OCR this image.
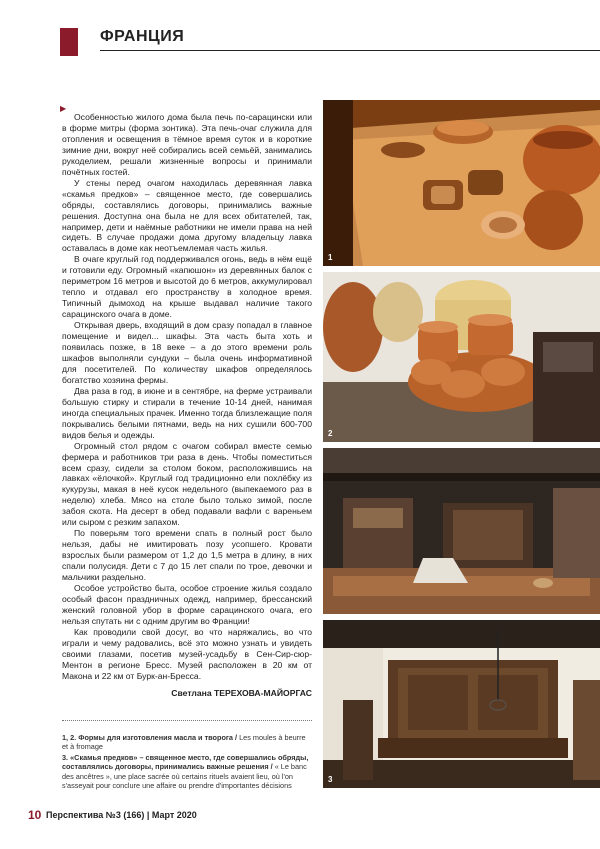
ФРАНЦИЯ
▶

Особенностью жилого дома была печь по-сарацински или в форме митры (форма зонтика). Эта печь-очаг служила для отопления и освещения в тёмное время суток и в короткие зимние дни, вокруг неё собирались всей семьёй, занимались рукоделием, решали жизненные вопросы и принимали почётных гостей.

У стены перед очагом находилась деревянная лавка «скамья предков» – священное место, где совершались обряды, составлялись договоры, принимались важные решения. Доступна она была не для всех обитателей, так, например, дети и наёмные работники не имели права на ней сидеть. В случае продажи дома другому владельцу лавка оставалась в доме как неотъемлемая часть жилья.

В очаге круглый год поддерживался огонь, ведь в нём ещё и готовили еду. Огромный «капюшон» из деревянных балок с периметром 16 метров и высотой до 6 метров, аккумулировал тепло и отдавал его пространству в холодное время. Типичный дымоход на крыше выдавал наличие такого сарацинского очага в доме.

Открывая дверь, входящий в дом сразу попадал в главное помещение и видел... шкафы. Эта часть быта хоть и появилась позже, в 18 веке – а до этого времени роль шкафов выполняли сундуки – была очень информативной для посетителей. По количеству шкафов определялось богатство хозяина фермы.

Два раза в год, в июне и в сентябре, на ферме устраивали большую стирку и стирали в течение 10-14 дней, нанимая иногда специальных прачек. Именно тогда близлежащие поля покрывались белыми пятнами, ведь на них сушили 600-700 видов белья и одежды.

Огромный стол рядом с очагом собирал вместе семью фермера и работников три раза в день. Чтобы поместиться всем сразу, сидели за столом боком, расположившись на лавках «ёлочкой». Круглый год традиционно ели похлёбку из кукурузы, макая в неё кусок недельного (выпекаемого раз в неделю) хлеба. Мясо на столе было только зимой, после забоя скота. На десерт в обед подавали вафли с вареньем или сыром с резким запахом.

По поверьям того времени спать в полный рост было нельзя, дабы не имитировать позу усопшего. Кровати взрослых были размером от 1,2 до 1,5 метра в длину, в них спали полусидя. Дети с 7 до 15 лет спали по трое, девочки и мальчики раздельно.

Особое устройство быта, особое строение жилья создало особый фасон праздничных одежд, например, брессанский женский головной убор в форме сарацинского очага, его нельзя спутать ни с одним другим во Франции!

Как проводили свой досуг, во что наряжались, во что играли и чему радовались, всё это можно узнать и увидеть своими глазами, посетив музей-усадьбу в Сен-Сир-сюр-Ментон в регионе Бресс. Музей расположен в 20 км от Макона и 22 км от Бурк-ан-Бресса.

Светлана ТЕРЕХОВА-МАЙОРГАС

1, 2. Формы для изготовления масла и творога / Les moules à beurre et à fromage

3. «Скамья предков» – священное место, где совершались обряды, составлялись договоры, принимались важные решения / « Le banc des ancêtres », une place sacrée où certains rituels avaient lieu, où l'on s'asseyait pour conclure une affaire ou prendre d'importantes décisions

10 Перспектива №3 (166) | Март 2020
1
2
3
